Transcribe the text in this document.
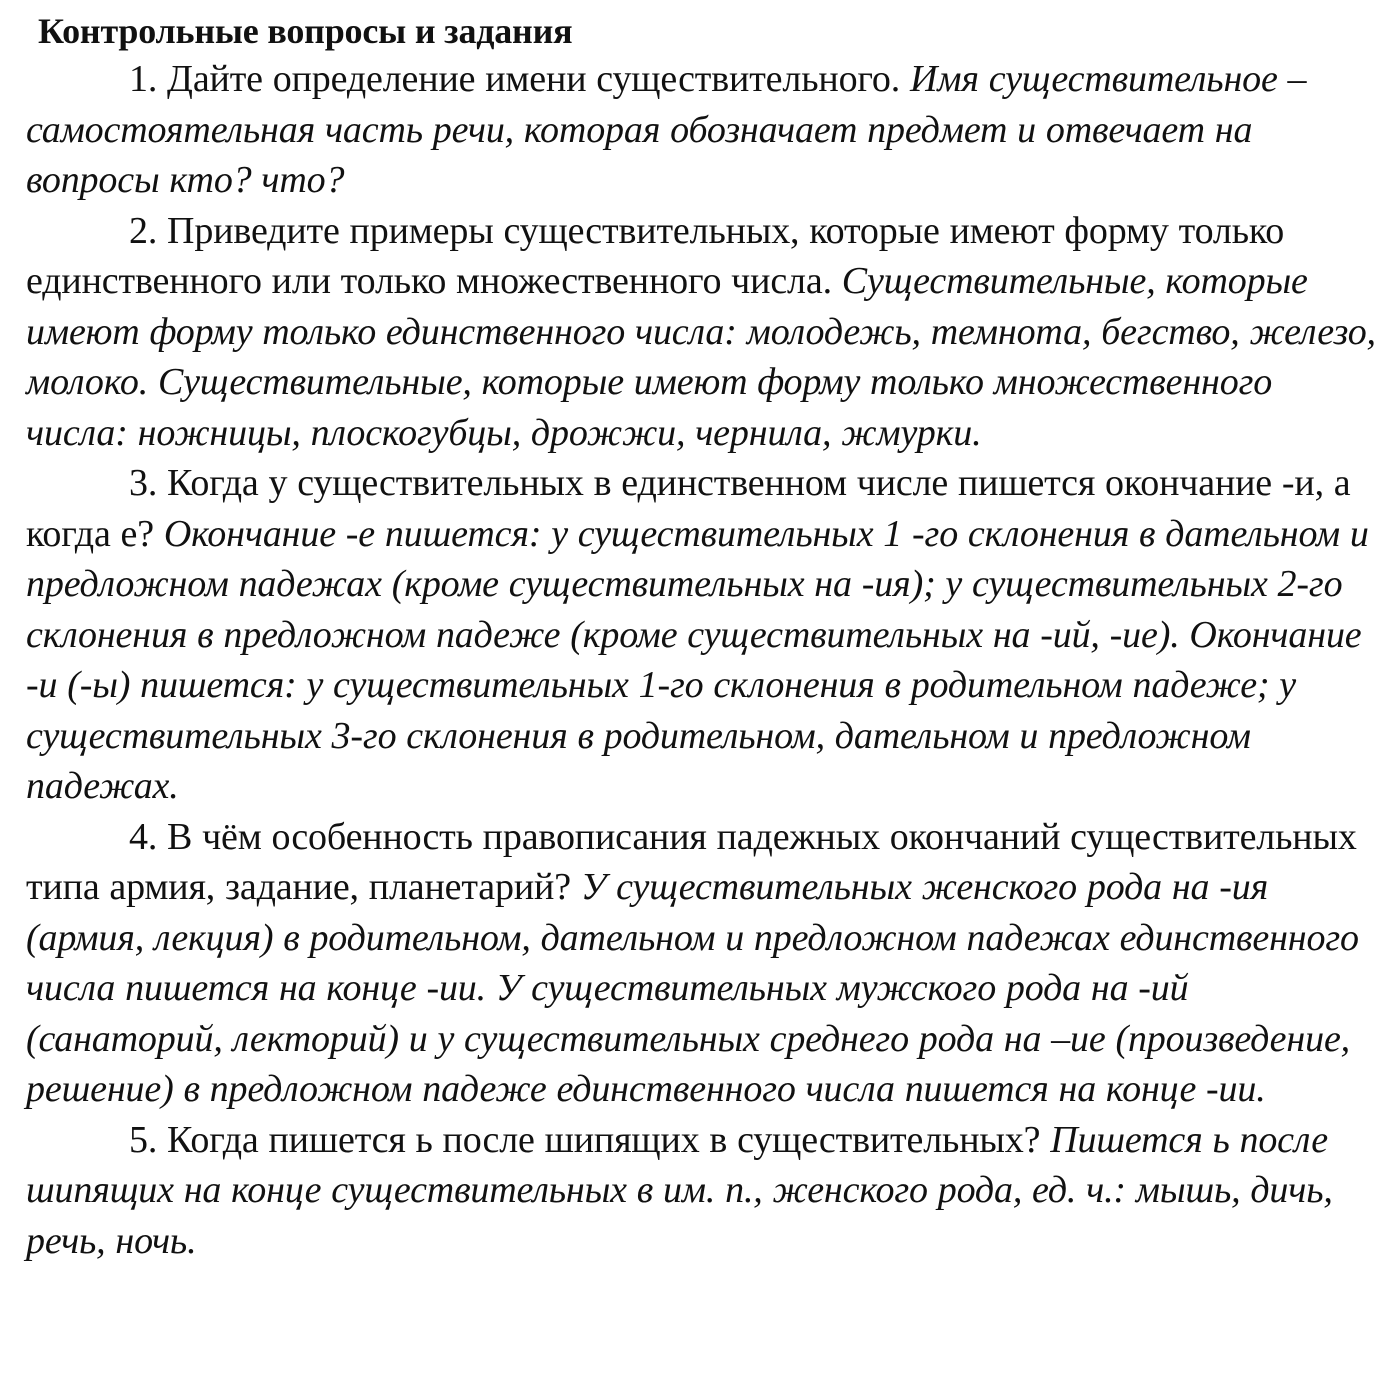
Контрольные вопросы и задания

1. Дайте определение имени существительного. Имя существительное – самостоятельная часть речи, которая обозначает предмет и отвечает на вопросы кто? что?

2. Приведите примеры существительных, которые имеют форму только единственного или только множественного числа. Существительные, которые имеют форму только единственного числа: молодежь, темнота, бегство, железо, молоко. Существительные, которые имеют форму только множественного числа: ножницы, плоскогубцы, дрожжи, чернила, жмурки.

3. Когда у существительных в единственном числе пишется окончание -и, а когда е? Окончание -е пишется: у существительных 1 -го склонения в дательном и предложном падежах (кроме существительных на -ия); у существительных 2-го склонения в предложном падеже (кроме существительных на -ий, -ие). Окончание -и (-ы) пишется: у существительных 1-го склонения в родительном падеже; у существительных 3-го склонения в родительном, дательном и предложном падежах.

4. В чём особенность правописания падежных окончаний существительных типа армия, задание, планетарий? У существительных женского рода на -ия (армия, лекция) в родительном, дательном и предложном падежах единственного числа пишется на конце -ии. У существительных мужского рода на -ий (санаторий, лекторий) и у существительных среднего рода на –ие (произведение, решение) в предложном падеже единственного числа пишется на конце -ии.

5. Когда пишется ь после шипящих в существительных? Пишется ь после шипящих на конце существительных в им. п., женского рода, ед. ч.: мышь, дичь, речь, ночь.
